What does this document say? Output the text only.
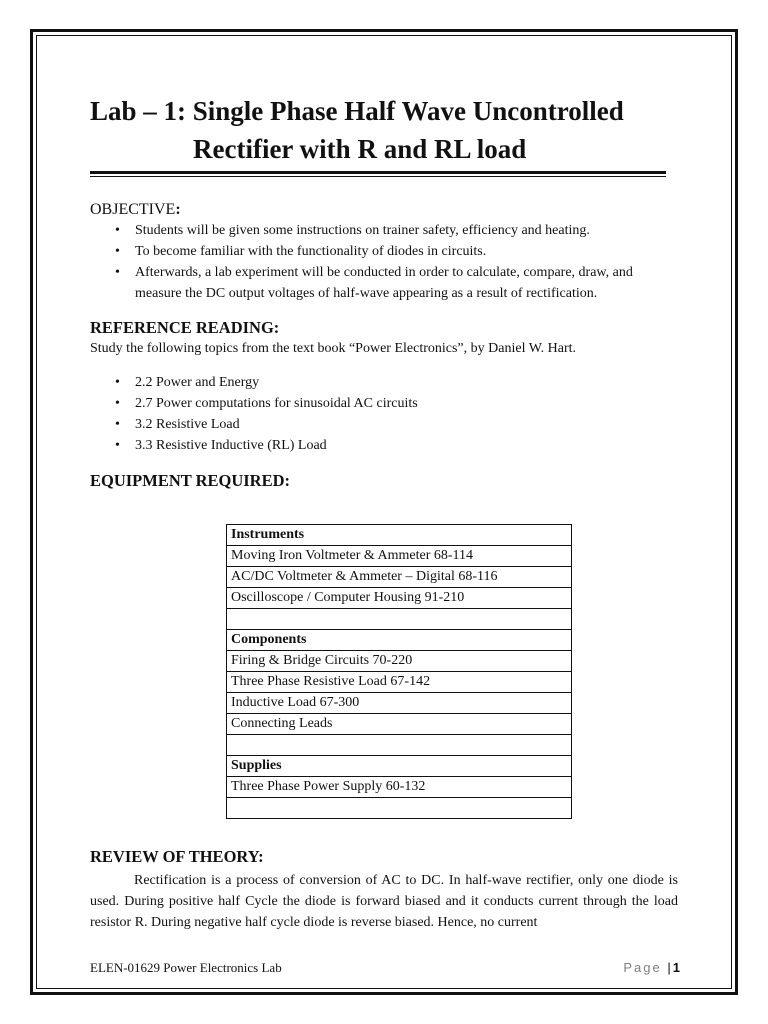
Lab – 1: Single Phase Half Wave Uncontrolled
Rectifier with R and RL load
OBJECTIVE:
• Students will be given some instructions on trainer safety, efficiency and heating.
• To become familiar with the functionality of diodes in circuits.
• Afterwards, a lab experiment will be conducted in order to calculate, compare, draw, and measure the DC output voltages of half-wave appearing as a result of rectification.
REFERENCE READING:

Study the following topics from the text book “Power Electronics”, by Daniel W. Hart.

• 2.2 Power and Energy
• 2.7 Power computations for sinusoidal AC circuits
• 3.2 Resistive Load
• 3.3 Resistive Inductive (RL) Load
EQUIPMENT REQUIRED:
Instruments
Moving Iron Voltmeter & Ammeter 68-114
AC/DC Voltmeter & Ammeter – Digital 68-116
Oscilloscope / Computer Housing 91-210

Components
Firing & Bridge Circuits 70-220
Three Phase Resistive Load 67-142
Inductive Load 67-300
Connecting Leads

Supplies
Three Phase Power Supply 60-132

REVIEW OF THEORY:

Rectification is a process of conversion of AC to DC. In half-wave rectifier, only one diode is used. During positive half Cycle the diode is forward biased and it conducts current through the load resistor R. During negative half cycle diode is reverse biased. Hence, no current

ELEN-01629 Power Electronics Lab	Page | 1
